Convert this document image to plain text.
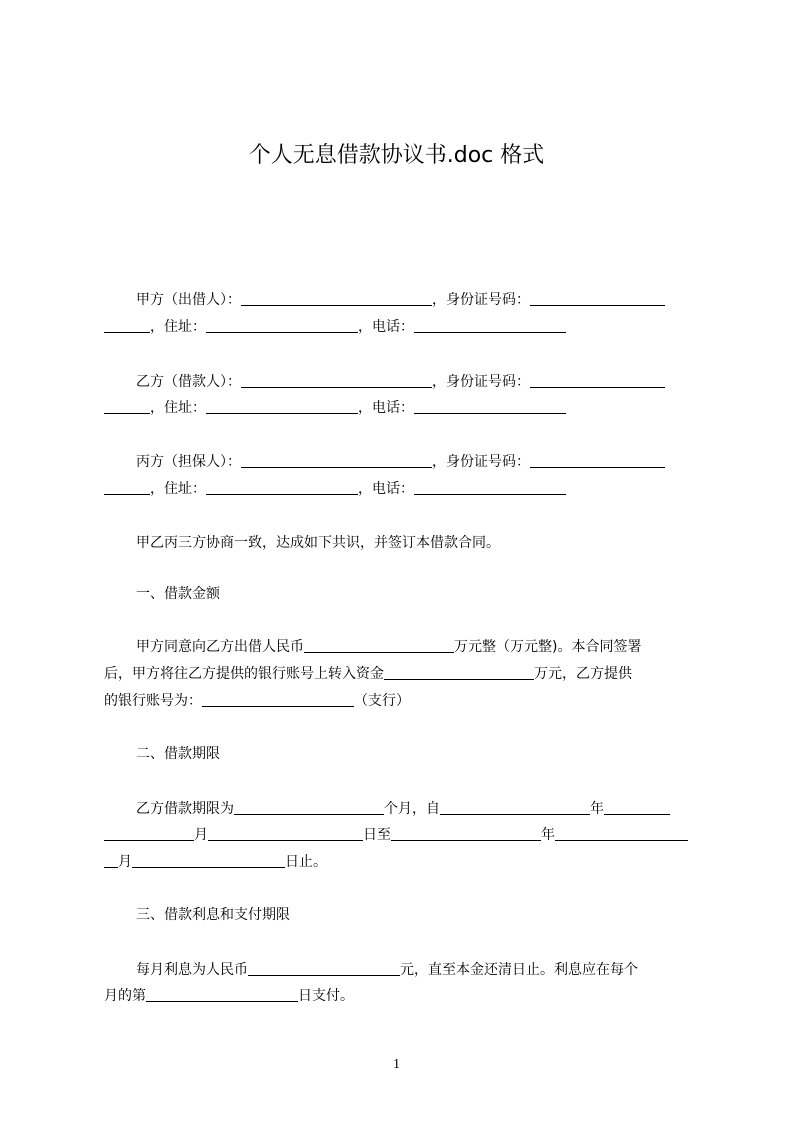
个人无息借款协议书.doc 格式

甲方（出借人）：	，身份证号码：

，住址：	，电话：

乙方（借款人）：	，身份证号码：

，住址：	，电话：

丙方（担保人）：	，身份证号码：

，住址：	，电话：

甲乙丙三方协商一致，达成如下共识，并签订本借款合同。

一、借款金额

甲方同意向乙方出借人民币	万元整（万元整)。本合同签署

后，甲方将往乙方提供的银行账号上转入资金	万元，乙方提供

的银行账号为：	（支行）

二、借款期限

乙方借款期限为	个月，自	年

月	日至	年

月	日止。

三、借款利息和支付期限

每月利息为人民币	元，直至本金还清日止。利息应在每个

月的第	日支付。

1
